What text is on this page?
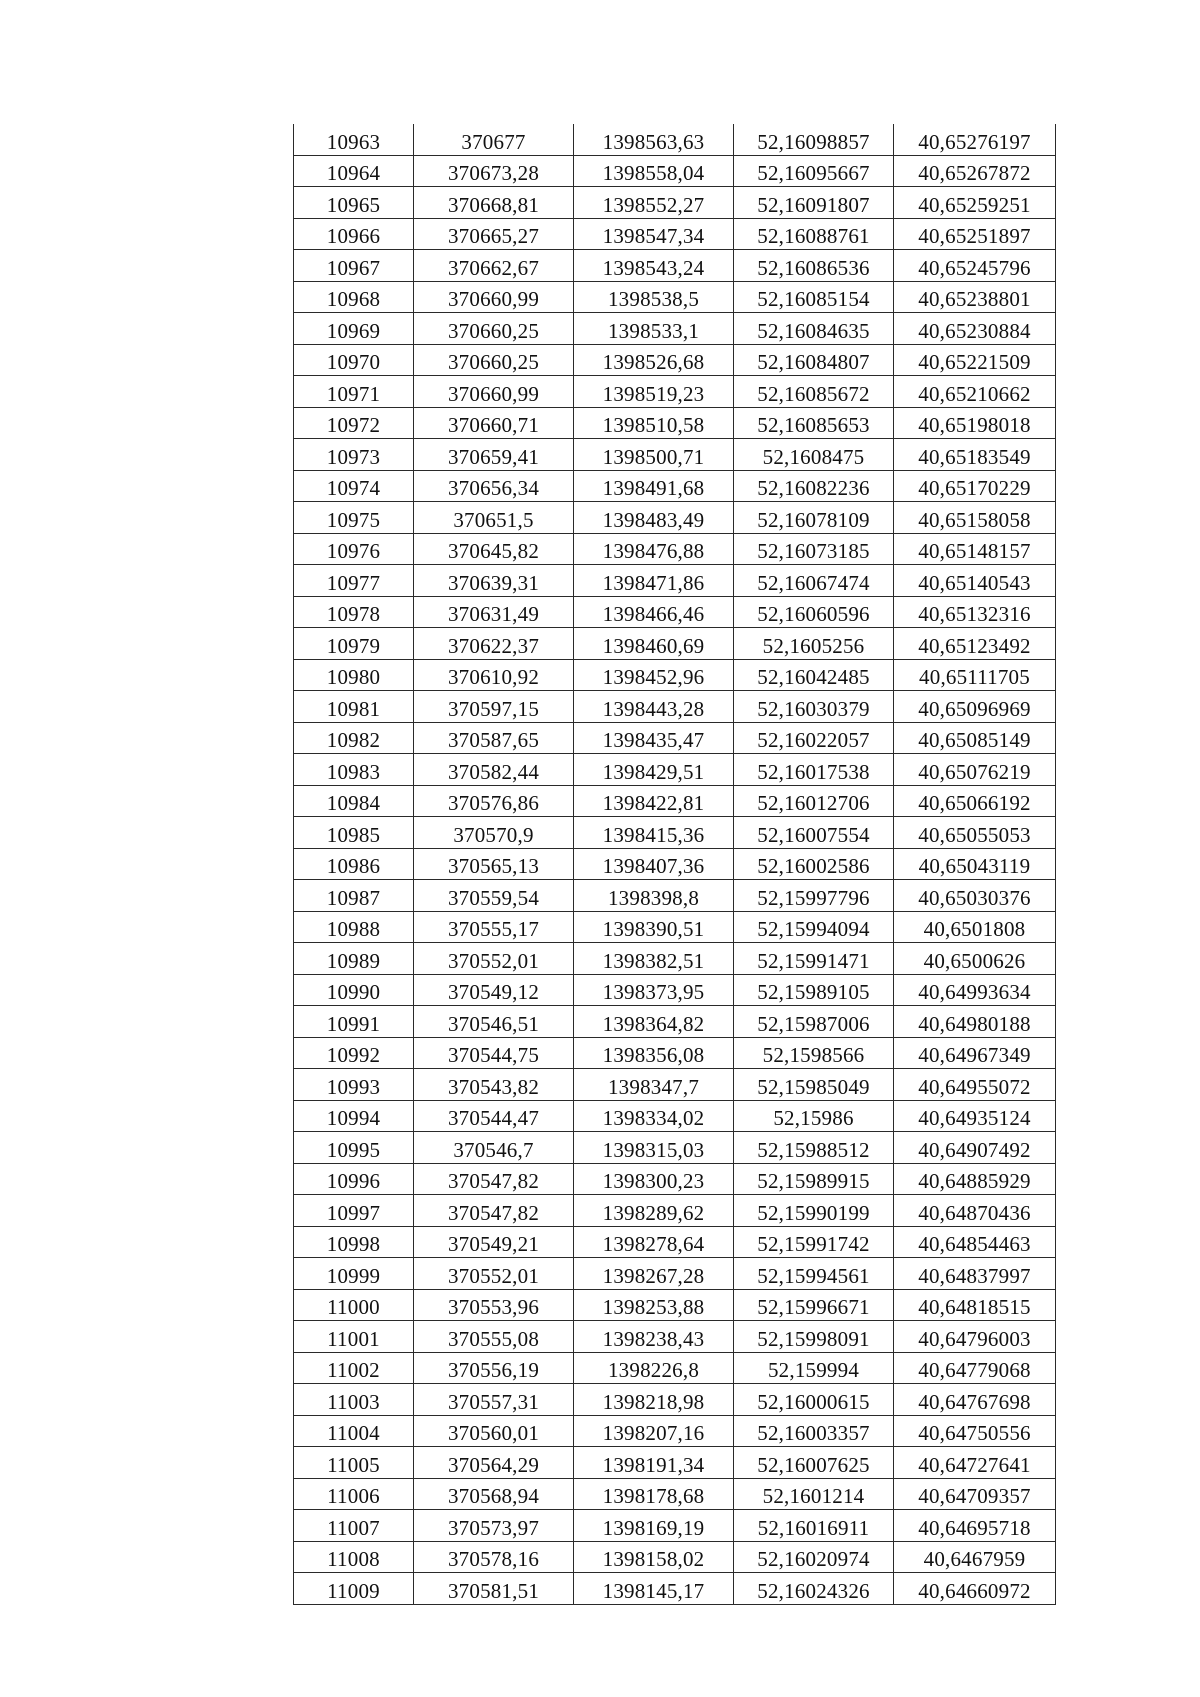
10963	370677	1398563,63	52,16098857	40,65276197
10964	370673,28	1398558,04	52,16095667	40,65267872
10965	370668,81	1398552,27	52,16091807	40,65259251
10966	370665,27	1398547,34	52,16088761	40,65251897
10967	370662,67	1398543,24	52,16086536	40,65245796
10968	370660,99	1398538,5	52,16085154	40,65238801
10969	370660,25	1398533,1	52,16084635	40,65230884
10970	370660,25	1398526,68	52,16084807	40,65221509
10971	370660,99	1398519,23	52,16085672	40,65210662
10972	370660,71	1398510,58	52,16085653	40,65198018
10973	370659,41	1398500,71	52,1608475	40,65183549
10974	370656,34	1398491,68	52,16082236	40,65170229
10975	370651,5	1398483,49	52,16078109	40,65158058
10976	370645,82	1398476,88	52,16073185	40,65148157
10977	370639,31	1398471,86	52,16067474	40,65140543
10978	370631,49	1398466,46	52,16060596	40,65132316
10979	370622,37	1398460,69	52,1605256	40,65123492
10980	370610,92	1398452,96	52,16042485	40,65111705
10981	370597,15	1398443,28	52,16030379	40,65096969
10982	370587,65	1398435,47	52,16022057	40,65085149
10983	370582,44	1398429,51	52,16017538	40,65076219
10984	370576,86	1398422,81	52,16012706	40,65066192
10985	370570,9	1398415,36	52,16007554	40,65055053
10986	370565,13	1398407,36	52,16002586	40,65043119
10987	370559,54	1398398,8	52,15997796	40,65030376
10988	370555,17	1398390,51	52,15994094	40,6501808
10989	370552,01	1398382,51	52,15991471	40,6500626
10990	370549,12	1398373,95	52,15989105	40,64993634
10991	370546,51	1398364,82	52,15987006	40,64980188
10992	370544,75	1398356,08	52,1598566	40,64967349
10993	370543,82	1398347,7	52,15985049	40,64955072
10994	370544,47	1398334,02	52,15986	40,64935124
10995	370546,7	1398315,03	52,15988512	40,64907492
10996	370547,82	1398300,23	52,15989915	40,64885929
10997	370547,82	1398289,62	52,15990199	40,64870436
10998	370549,21	1398278,64	52,15991742	40,64854463
10999	370552,01	1398267,28	52,15994561	40,64837997
11000	370553,96	1398253,88	52,15996671	40,64818515
11001	370555,08	1398238,43	52,15998091	40,64796003
11002	370556,19	1398226,8	52,159994	40,64779068
11003	370557,31	1398218,98	52,16000615	40,64767698
11004	370560,01	1398207,16	52,16003357	40,64750556
11005	370564,29	1398191,34	52,16007625	40,64727641
11006	370568,94	1398178,68	52,1601214	40,64709357
11007	370573,97	1398169,19	52,16016911	40,64695718
11008	370578,16	1398158,02	52,16020974	40,6467959
11009	370581,51	1398145,17	52,16024326	40,64660972
